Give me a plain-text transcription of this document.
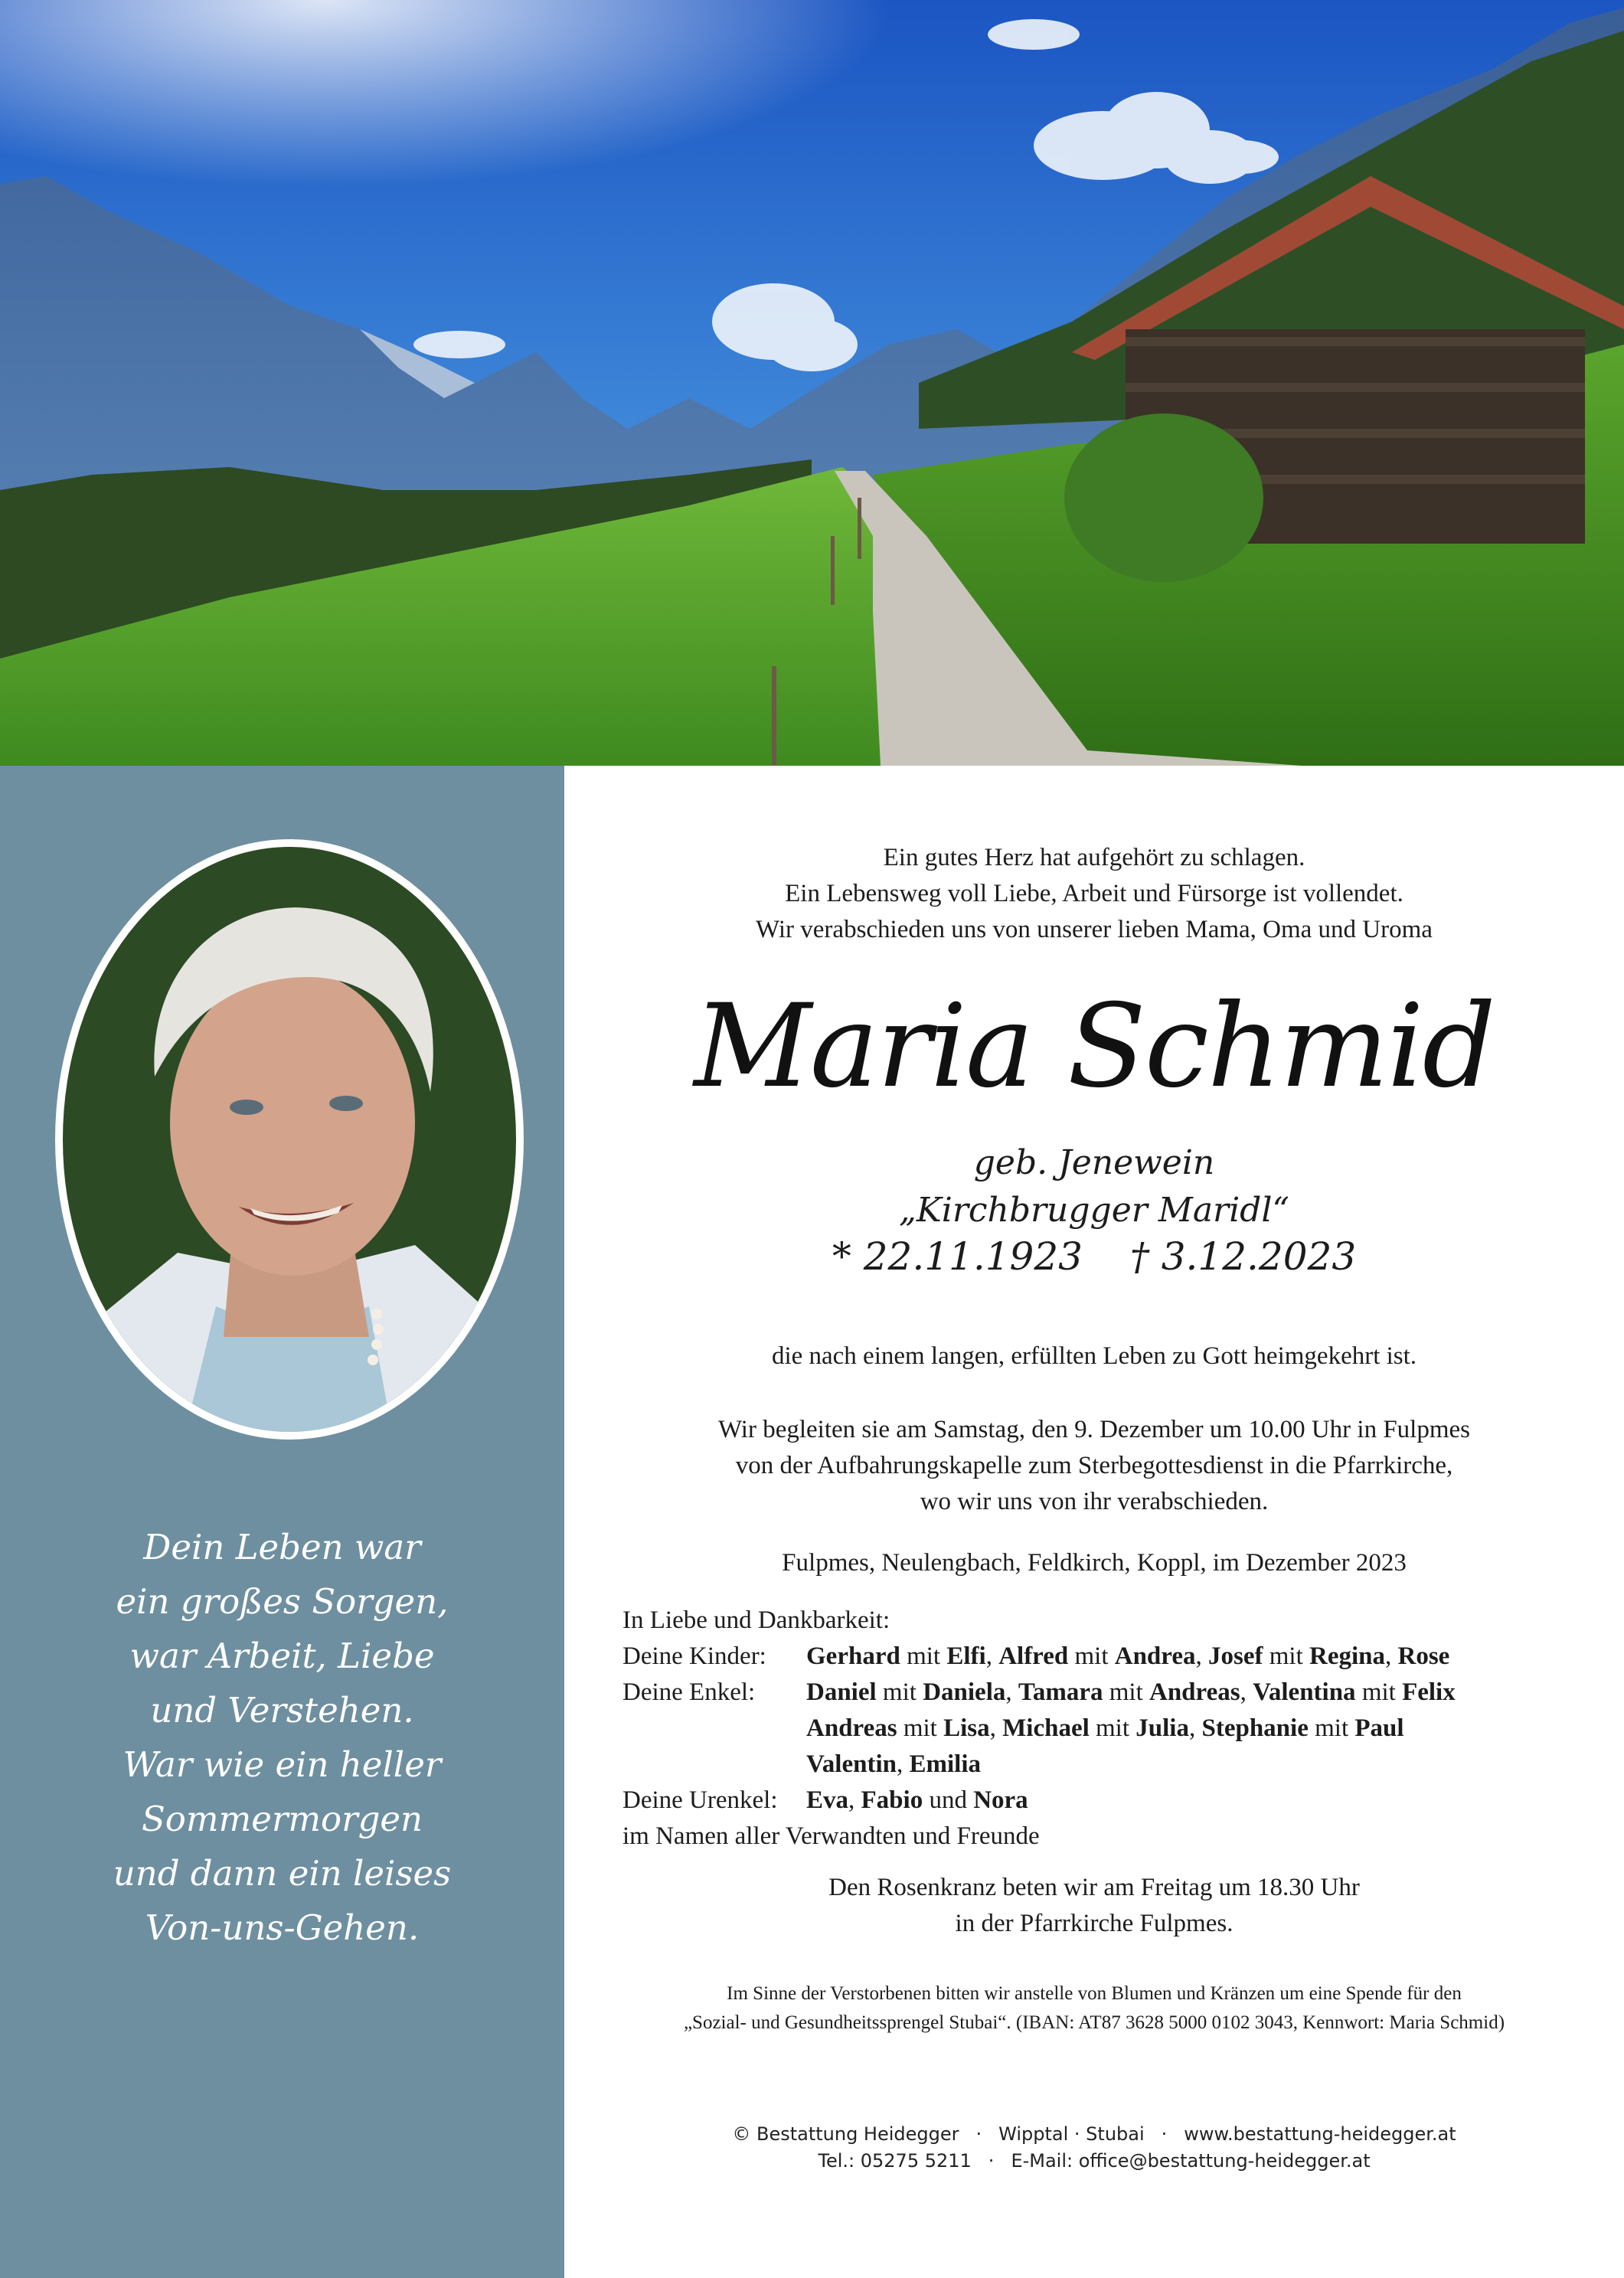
Dein Leben war
ein großes Sorgen,
war Arbeit, Liebe
und Verstehen.
War wie ein heller
Sommermorgen
und dann ein leises
Von-uns-Gehen.
Ein gutes Herz hat aufgehört zu schlagen.
Ein Lebensweg voll Liebe, Arbeit und Fürsorge ist vollendet.
Wir verabschieden uns von unserer lieben Mama, Oma und Uroma
Maria Schmid
geb. Jenewein
„Kirchbrugger Maridl“
* 22.11.1923 † 3.12.2023
die nach einem langen, erfüllten Leben zu Gott heimgekehrt ist.
Wir begleiten sie am Samstag, den 9. Dezember um 10.00 Uhr in Fulpmes
von der Aufbahrungskapelle zum Sterbegottesdienst in die Pfarrkirche,
wo wir uns von ihr verabschieden.
Fulpmes, Neulengbach, Feldkirch, Koppl, im Dezember 2023
In Liebe und Dankbarkeit:
Deine Kinder: Gerhard mit Elfi, Alfred mit Andrea, Josef mit Regina, Rose
Deine Enkel: Daniel mit Daniela, Tamara mit Andreas, Valentina mit Felix
Andreas mit Lisa, Michael mit Julia, Stephanie mit Paul
Valentin, Emilia
Deine Urenkel: Eva, Fabio und Nora
im Namen aller Verwandten und Freunde
Den Rosenkranz beten wir am Freitag um 18.30 Uhr
in der Pfarrkirche Fulpmes.
Im Sinne der Verstorbenen bitten wir anstelle von Blumen und Kränzen um eine Spende für den
„Sozial- und Gesundheitssprengel Stubai“. (IBAN: AT87 3628 5000 0102 3043, Kennwort: Maria Schmid)
© Bestattung Heidegger · Wipptal · Stubai · www.bestattung-heidegger.at
Tel.: 05275 5211 · E-Mail: office@bestattung-heidegger.at
